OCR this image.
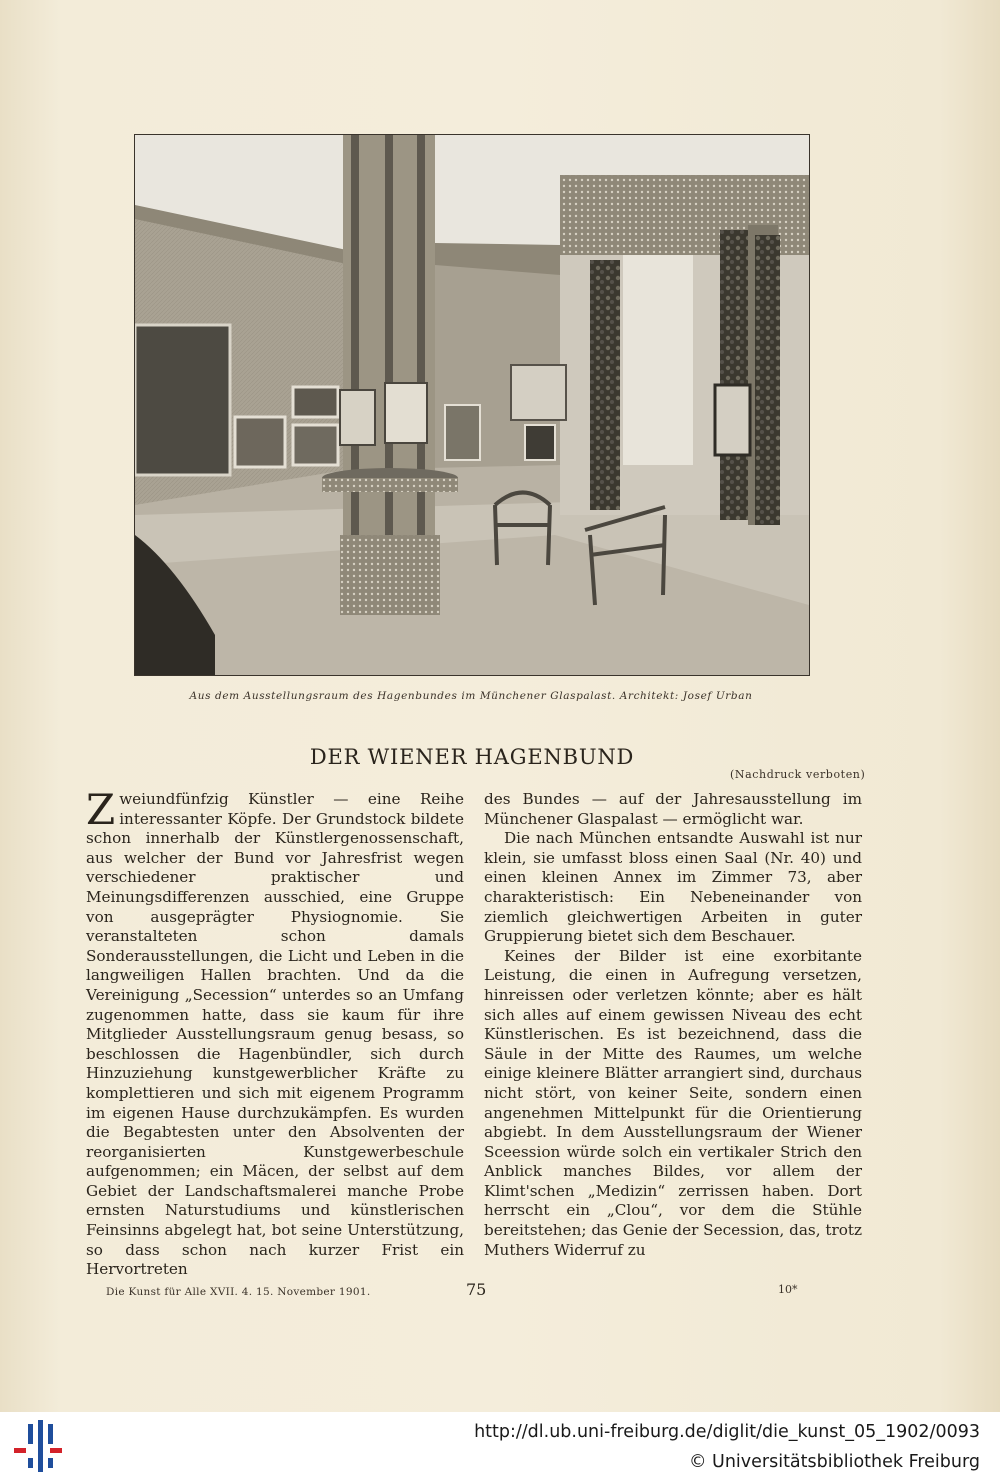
Aus dem Ausstellungsraum des Hagenbundes im Münchener Glaspalast. Architekt: Josef Urban
DER WIENER HAGENBUND
(Nachdruck verboten)

Zweiundfünfzig Künstler — eine Reihe interessanter Köpfe. Der Grundstock bildete schon innerhalb der Künstlergenossenschaft, aus welcher der Bund vor Jahresfrist wegen verschiedener praktischer und Meinungsdifferenzen ausschied, eine Gruppe von ausgeprägter Physiognomie. Sie veranstalteten schon damals Sonderausstellungen, die Licht und Leben in die langweiligen Hallen brachten. Und da die Vereinigung „Secession“ unterdes so an Umfang zugenommen hatte, dass sie kaum für ihre Mitglieder Ausstellungsraum genug besass, so beschlossen die Hagenbündler, sich durch Hinzuziehung kunstgewerblicher Kräfte zu komplettieren und sich mit eigenem Programm im eigenen Hause durchzukämpfen. Es wurden die Begabtesten unter den Absolventen der reorganisierten Kunstgewerbeschule aufgenommen; ein Mäcen, der selbst auf dem Gebiet der Landschaftsmalerei manche Probe ernsten Naturstudiums und künstlerischen Feinsinns abgelegt hat, bot seine Unterstützung, so dass schon nach kurzer Frist ein Hervortreten

des Bundes — auf der Jahresausstellung im Münchener Glaspalast — ermöglicht war.

Die nach München entsandte Auswahl ist nur klein, sie umfasst bloss einen Saal (Nr. 40) und einen kleinen Annex im Zimmer 73, aber charakteristisch: Ein Nebeneinander von ziemlich gleichwertigen Arbeiten in guter Gruppierung bietet sich dem Beschauer.

Keines der Bilder ist eine exorbitante Leistung, die einen in Aufregung versetzen, hinreissen oder verletzen könnte; aber es hält sich alles auf einem gewissen Niveau des echt Künstlerischen. Es ist bezeichnend, dass die Säule in der Mitte des Raumes, um welche einige kleinere Blätter arrangiert sind, durchaus nicht stört, von keiner Seite, sondern einen angenehmen Mittelpunkt für die Orientierung abgiebt. In dem Ausstellungsraum der Wiener Sceession würde solch ein vertikaler Strich den Anblick manches Bildes, vor allem der Klimt'schen „Medizin“ zerrissen haben. Dort herrscht ein „Clou“, vor dem die Stühle bereitstehen; das Genie der Secession, das, trotz Muthers Widerruf zu

Die Kunst für Alle XVII. 4. 15. November 1901.	75	10*
http://dl.ub.uni-freiburg.de/diglit/die_kunst_05_1902/0093
© Universitätsbibliothek Freiburg
